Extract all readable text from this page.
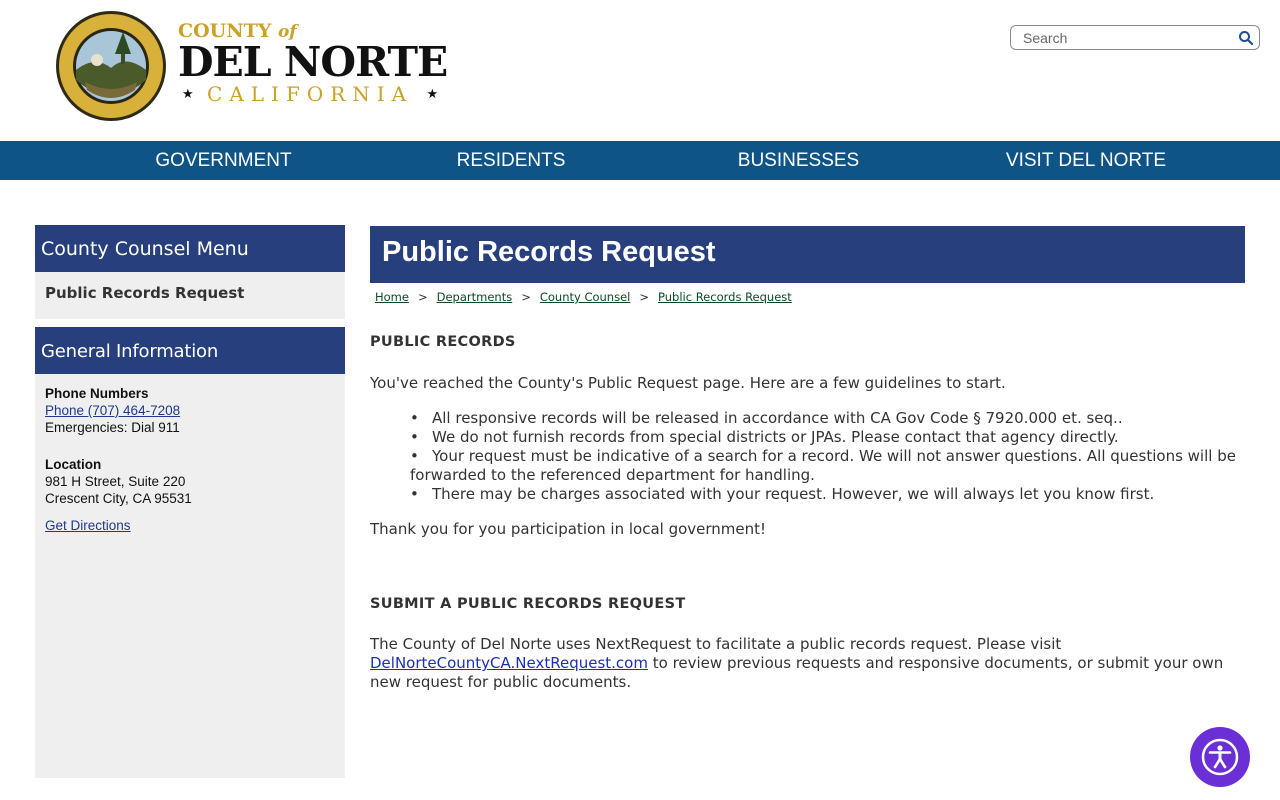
COUNTY of
DEL NORTE
★ CALIFORNIA ★
Search
GOVERNMENT	RESIDENTS	BUSINESSES	VISIT DEL NORTE
County Counsel Menu
Public Records Request
General Information
Phone Numbers
Phone (707) 464-7208
Emergencies: Dial 911
Location
981 H Street, Suite 220
Crescent City, CA 95531
Get Directions
Public Records Request
Home > Departments > County Counsel > Public Records Request
PUBLIC RECORDS
You've reached the County's Public Request page. Here are a few guidelines to start.
• All responsive records will be released in accordance with CA Gov Code § 7920.000 et. seq..
• We do not furnish records from special districts or JPAs. Please contact that agency directly.
• Your request must be indicative of a search for a record. We will not answer questions. All questions will be forwarded to the referenced department for handling.
• There may be charges associated with your request. However, we will always let you know first.
Thank you for you participation in local government!
SUBMIT A PUBLIC RECORDS REQUEST
The County of Del Norte uses NextRequest to facilitate a public records request. Please visit DelNorteCountyCA.NextRequest.com to review previous requests and responsive documents, or submit your own new request for public documents.
